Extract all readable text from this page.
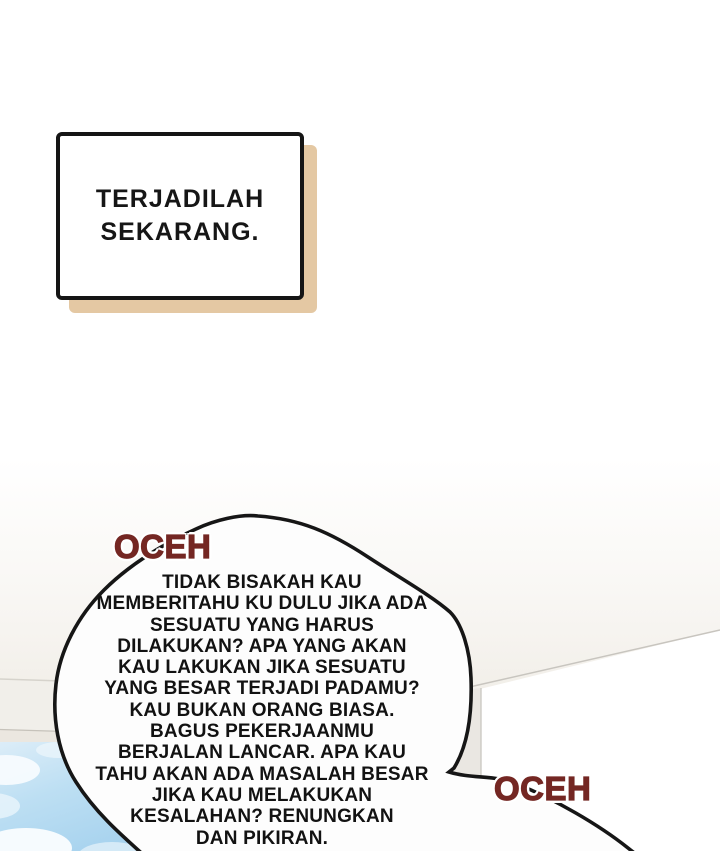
TERJADILAH
SEKARANG.
TIDAK BISAKAH KAU
MEMBERITAHU KU DULU JIKA ADA
SESUATU YANG HARUS
DILAKUKAN? APA YANG AKAN
KAU LAKUKAN JIKA SESUATU
YANG BESAR TERJADI PADAMU?
KAU BUKAN ORANG BIASA.
BAGUS PEKERJAANMU
BERJALAN LANCAR. APA KAU
TAHU AKAN ADA MASALAH BESAR
JIKA KAU MELAKUKAN
KESALAHAN? RENUNGKAN
DAN PIKIRAN.
OCEH
OCEH
